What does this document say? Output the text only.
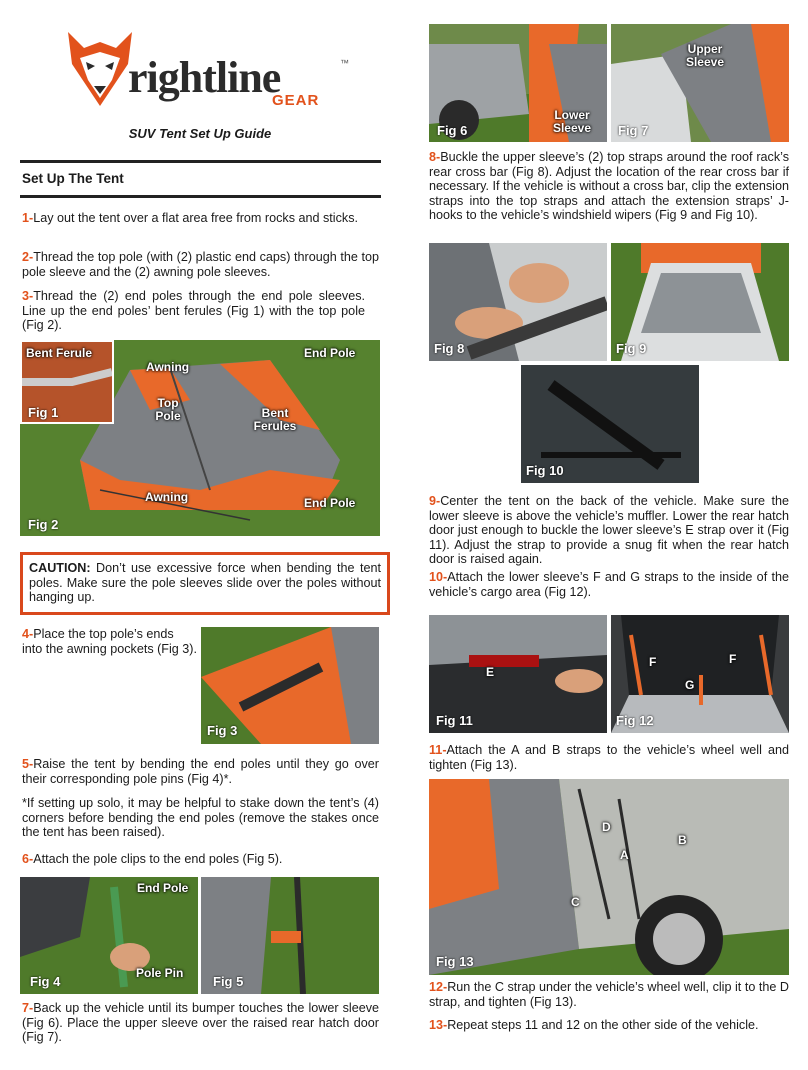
rightline	™
GEAR
SUV Tent Set Up Guide
Set Up The Tent
1-Lay out the tent over a flat area free from rocks and sticks.
2-Thread the top pole (with (2) plastic end caps) through the top pole sleeve and the (2) awning pole sleeves.
3-Thread the (2) end poles through the end pole sleeves. Line up the end poles’ bent ferules (Fig 1) with the top pole (Fig 2).
Bent Ferule
Fig 1
End Pole
Awning
Top Pole	Bent Ferules
Awning	End Pole
Fig 2
CAUTION: Don’t use excessive force when bending the tent poles. Make sure the pole sleeves slide over the poles without hanging up.
4-Place the top pole’s ends into the awning pockets (Fig 3).
Fig 3
5-Raise the tent by bending the end poles until they go over their corresponding pole pins (Fig 4)*.
*If setting up solo, it may be helpful to stake down the tent’s (4) corners before bending the end poles (remove the stakes once the tent has been raised).
6-Attach the pole clips to the end poles (Fig 5).
End Pole
Pole Pin
Fig 4	Fig 5
7-Back up the vehicle until its bumper touches the lower sleeve (Fig 6). Place the upper sleeve over the raised rear hatch door (Fig 7).
Lower Sleeve
Fig 6
Upper Sleeve
Fig 7
8-Buckle the upper sleeve’s (2) top straps around the roof rack’s rear cross bar (Fig 8). Adjust the location of the rear cross bar if necessary. If the vehicle is without a cross bar, clip the extension straps into the top straps and attach the extension straps’ J-hooks to the vehicle’s windshield wipers (Fig 9 and Fig 10).
Fig 8	Fig 9
Fig 10
9-Center the tent on the back of the vehicle. Make sure the lower sleeve is above the vehicle’s muffler. Lower the rear hatch door just enough to buckle the lower sleeve’s E strap over it (Fig 11). Adjust the strap to provide a snug fit when the rear hatch door is raised again.
10-Attach the lower sleeve’s F and G straps to the inside of the vehicle’s cargo area (Fig 12).
E
Fig 11
F	F
G
Fig 12
11-Attach the A and B straps to the vehicle’s wheel well and tighten (Fig 13).
D
B
A
C
Fig 13
12-Run the C strap under the vehicle’s wheel well, clip it to the D strap, and tighten (Fig 13).
13-Repeat steps 11 and 12 on the other side of the vehicle.
